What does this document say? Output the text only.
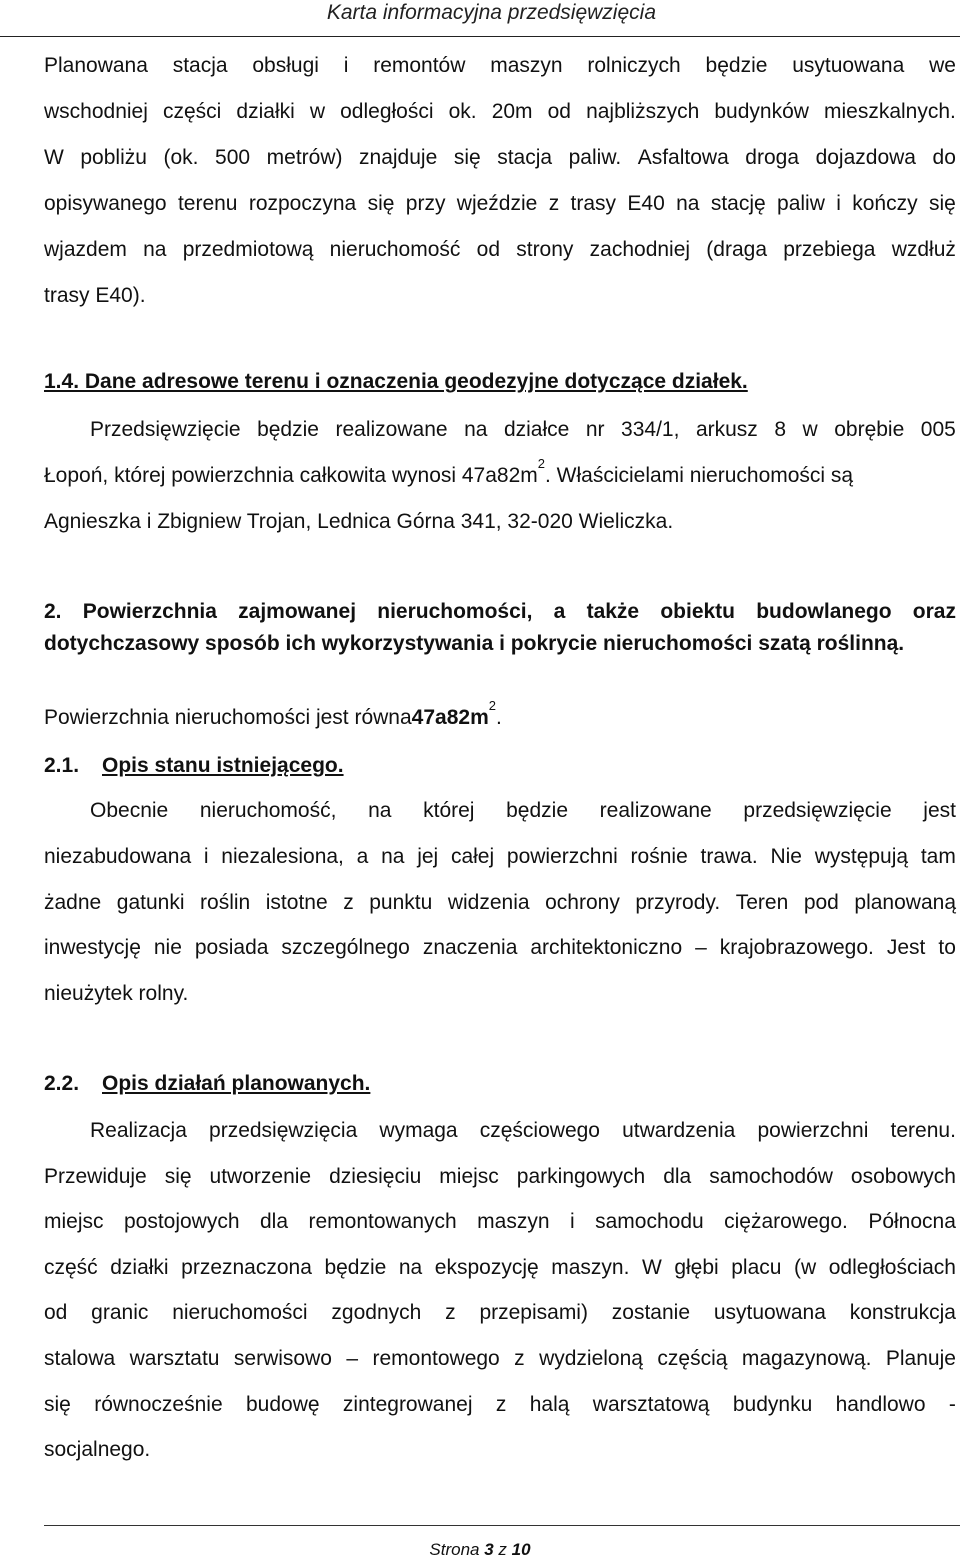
Karta informacyjna przedsięwzięcia
Planowana stacja obsługi i remontów maszyn rolniczych będzie usytuowana we
wschodniej części działki w odległości ok. 20m od najbliższych budynków mieszkalnych.
W pobliżu (ok. 500 metrów) znajduje się stacja paliw. Asfaltowa droga dojazdowa do
opisywanego terenu rozpoczyna się przy wjeździe z trasy E40 na stację paliw i kończy się
wjazdem na przedmiotową nieruchomość od strony zachodniej (draga przebiega wzdłuż
trasy E40).
1.4. Dane adresowe terenu i oznaczenia geodezyjne dotyczące działek.
Przedsięwzięcie będzie realizowane na działce nr 334/1, arkusz 8 w obrębie 005
Łopoń, której powierzchnia całkowita wynosi 47a82m
2
. Właścicielami nieruchomości są
Agnieszka i Zbigniew Trojan, Lednica Górna 341, 32-020 Wieliczka.
2. Powierzchnia zajmowanej nieruchomości, a także obiektu budowlanego oraz
dotychczasowy sposób ich wykorzystywania i pokrycie nieruchomości szatą roślinną.
Powierzchnia nieruchomości jest równa 47a82m
2
.
2.1.	Opis stanu istniejącego.
Obecnie nieruchomość, na której będzie realizowane przedsięwzięcie jest
niezabudowana i niezalesiona, a na jej całej powierzchni rośnie trawa. Nie występują tam
żadne gatunki roślin istotne z punktu widzenia ochrony przyrody. Teren pod planowaną
inwestycję nie posiada szczególnego znaczenia architektoniczno – krajobrazowego. Jest to
nieużytek rolny.
2.2.	Opis działań planowanych.
Realizacja przedsięwzięcia wymaga częściowego utwardzenia powierzchni terenu.
Przewiduje się utworzenie dziesięciu miejsc parkingowych dla samochodów osobowych
miejsc postojowych dla remontowanych maszyn i samochodu ciężarowego. Północna
część działki przeznaczona będzie na ekspozycję maszyn. W głębi placu (w odległościach
od granic nieruchomości zgodnych z przepisami) zostanie usytuowana konstrukcja
stalowa warsztatu serwisowo – remontowego z wydzieloną częścią magazynową. Planuje
się równocześnie budowę zintegrowanej z halą warsztatową budynku handlowo -
socjalnego.
Strona 3 z 10
